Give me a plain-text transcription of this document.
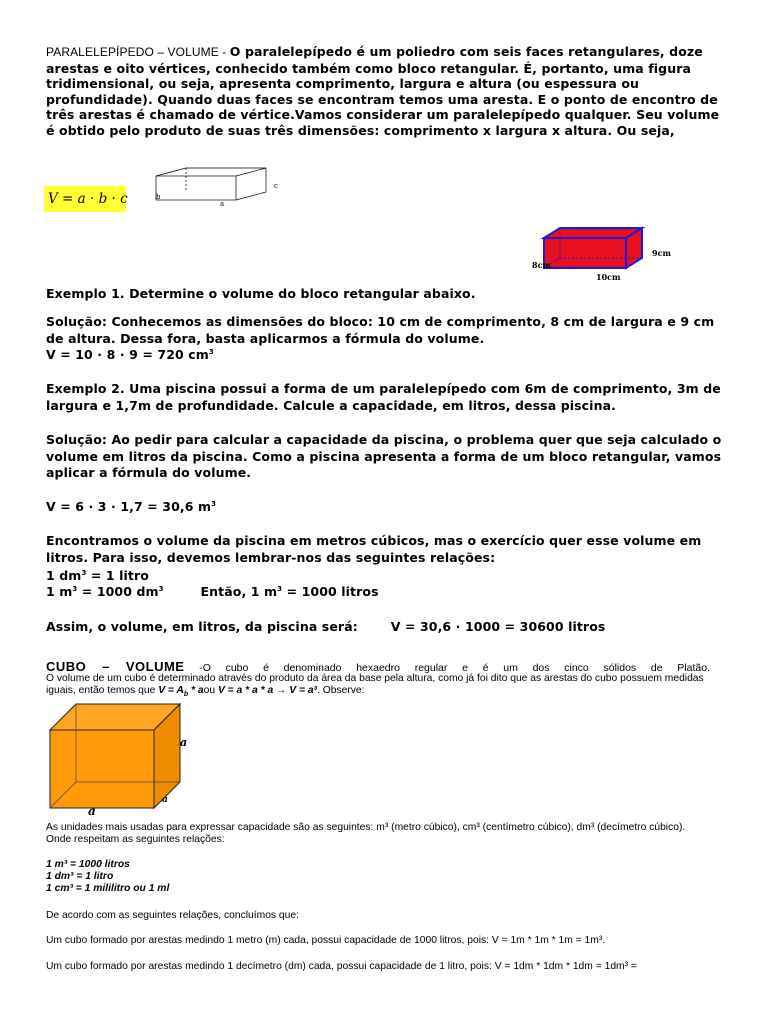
PARALELEPÍPEDO – VOLUME - O paralelepípedo é um poliedro com seis faces retangulares, doze arestas e oito vértices, conhecido também como bloco retangular. É, portanto, uma figura tridimensional, ou seja, apresenta comprimento, largura e altura (ou espessura ou profundidade). Quando duas faces se encontram temos uma aresta. E o ponto de encontro de três arestas é chamado de vértice.Vamos considerar um paralelepípedo qualquer. Seu volume é obtido pelo produto de suas três dimensões: comprimento x largura x altura. Ou seja,

V = a · b · c
c
b
a
9cm
8cm
10cm

Exemplo 1. Determine o volume do bloco retangular abaixo.

Solução: Conhecemos as dimensões do bloco: 10 cm de comprimento, 8 cm de largura e 9 cm de altura. Dessa fora, basta aplicarmos a fórmula do volume.

V = 10 · 8 · 9 = 720 $cm^3$

Exemplo 2. Uma piscina possui a forma de um paralelepípedo com 6m de comprimento, 3m de largura e 1,7m de profundidade. Calcule a capacidade, em litros, dessa piscina.

Solução: Ao pedir para calcular a capacidade da piscina, o problema quer que seja calculado o volume em litros da piscina. Como a piscina apresenta a forma de um bloco retangular, vamos aplicar a fórmula do volume.

V = 6 · 3 · 1,7 = 30,6 $m^3$

Encontramos o volume da piscina em metros cúbicos, mas o exercício quer esse volume em litros. Para isso, devemos lembrar-nos das seguintes relações:

1 $dm^3 = 1$ litro

1 $m^3 = 1000$ $dm^3$	Então, 1 $m^3 = 1000$ litros

Assim, o volume, em litros, da piscina será:	V = 30,6 · 1000 = 30600 litros

CUBO – VOLUME -O cubo é denominado hexaedro regular e é um dos cinco sólidos de Platão.

O volume de um cubo é determinado através do produto da área da base pela altura, como já foi dito que as arestas do cubo possuem medidas iguais, então temos que $V = A_b$ * aou V = a * a * a → V = a³. Observe:

a
a
a

As unidades mais usadas para expressar capacidade são as seguintes: m³ (metro cúbico), cm³ (centímetro cúbico), dm³ (decímetro cúbico). Onde respeitam as seguintes relações:

1 m³ = 1000 litros

1 dm³ = 1 litro

1 cm³ = 1 mililitro ou 1 ml

De acordo com as seguintes relações, concluímos que:

Um cubo formado por arestas medindo 1 metro (m) cada, possui capacidade de 1000 litros, pois: V = 1m * 1m * 1m = 1m³.

Um cubo formado por arestas medindo 1 decímetro (dm) cada, possui capacidade de 1 litro, pois: V = 1dm * 1dm * 1dm = 1dm³ =
